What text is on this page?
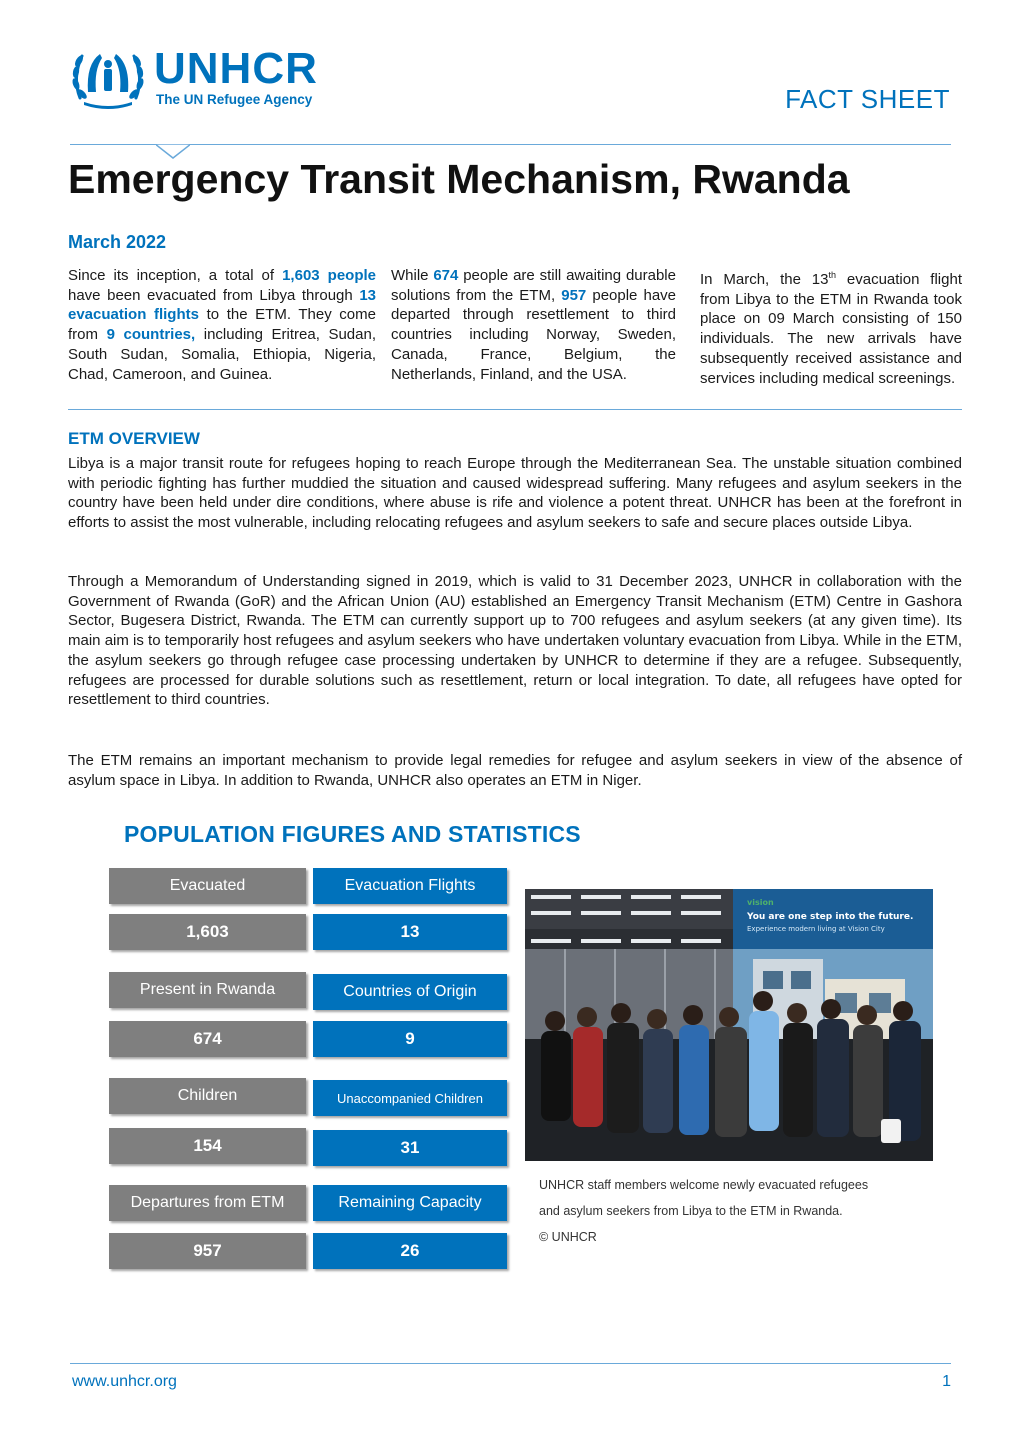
UNHCR
The UN Refugee Agency	FACT SHEET
Emergency Transit Mechanism, Rwanda
March 2022

Since its inception, a total of 1,603 people have been evacuated from Libya through 13 evacuation flights to the ETM. They come from 9 countries, including Eritrea, Sudan, South Sudan, Somalia, Ethiopia, Nigeria, Chad, Cameroon, and Guinea.

While 674 people are still awaiting durable solutions from the ETM, 957 people have departed through resettlement to third countries including Norway, Sweden, Canada, France, Belgium, the Netherlands, Finland, and the USA.

In March, the 13th evacuation flight from Libya to the ETM in Rwanda took place on 09 March consisting of 150 individuals. The new arrivals have subsequently received assistance and services including medical screenings.

ETM OVERVIEW

Libya is a major transit route for refugees hoping to reach Europe through the Mediterranean Sea. The unstable situation combined with periodic fighting has further muddied the situation and caused widespread suffering. Many refugees and asylum seekers in the country have been held under dire conditions, where abuse is rife and violence a potent threat. UNHCR has been at the forefront in efforts to assist the most vulnerable, including relocating refugees and asylum seekers to safe and secure places outside Libya.

Through a Memorandum of Understanding signed in 2019, which is valid to 31 December 2023, UNHCR in collaboration with the Government of Rwanda (GoR) and the African Union (AU) established an Emergency Transit Mechanism (ETM) Centre in Gashora Sector, Bugesera District, Rwanda. The ETM can currently support up to 700 refugees and asylum seekers (at any given time). Its main aim is to temporarily host refugees and asylum seekers who have undertaken voluntary evacuation from Libya. While in the ETM, the asylum seekers go through refugee case processing undertaken by UNHCR to determine if they are a refugee. Subsequently, refugees are processed for durable solutions such as resettlement, return or local integration. To date, all refugees have opted for resettlement to third countries.

The ETM remains an important mechanism to provide legal remedies for refugee and asylum seekers in view of the absence of asylum space in Libya. In addition to Rwanda, UNHCR also operates an ETM in Niger.

POPULATION FIGURES AND STATISTICS
Evacuated
1,603
Evacuation Flights
13
Present in Rwanda
674
Countries of Origin
9
Children
154
Unaccompanied Children
31
Departures from ETM
957
Remaining Capacity
26
vision
You are one step into the future.
Experience modern living at Vision City
UNHCR staff members welcome newly evacuated refugees
and asylum seekers from Libya to the ETM in Rwanda.
© UNHCR
www.unhcr.org	1
